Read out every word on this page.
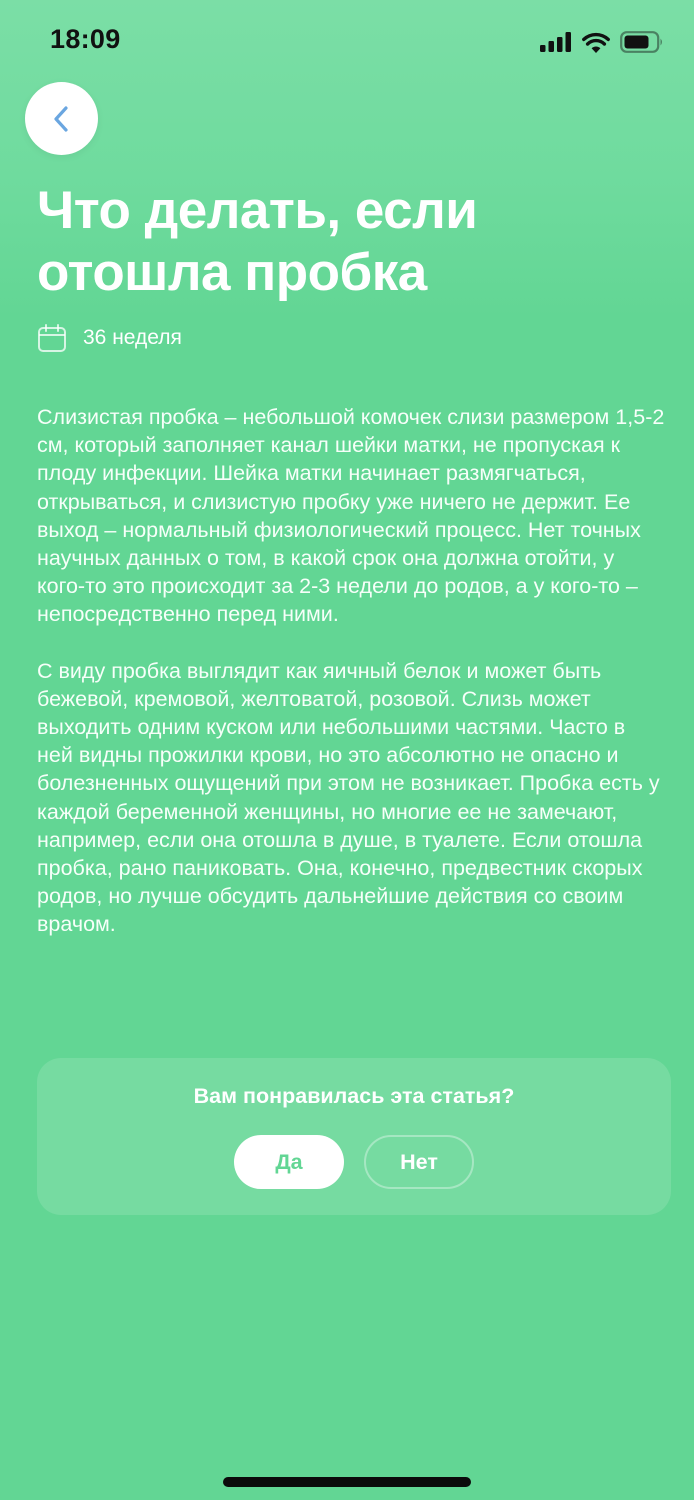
18:09
Что делать, если отошла пробка
36 неделя

Слизистая пробка – небольшой комочек слизи размером 1,5-2 см, который заполняет канал шейки матки, не пропуская к плоду инфекции. Шейка матки начинает размягчаться, открываться, и слизистую пробку уже ничего не держит. Ее выход – нормальный физиологический процесс. Нет точных научных данных о том, в какой срок она должна отойти, у кого-то это происходит за 2-3 недели до родов, а у кого-то – непосредственно перед ними.

С виду пробка выглядит как яичный белок и может быть бежевой, кремовой, желтоватой, розовой. Слизь может выходить одним куском или небольшими частями. Часто в ней видны прожилки крови, но это абсолютно не опасно и болезненных ощущений при этом не возникает. Пробка есть у каждой беременной женщины, но многие ее не замечают, например, если она отошла в душе, в туалете. Если отошла пробка, рано паниковать. Она, конечно, предвестник скорых родов, но лучше обсудить дальнейшие действия со своим врачом.

Вам понравилась эта статья?
Да	Нет
